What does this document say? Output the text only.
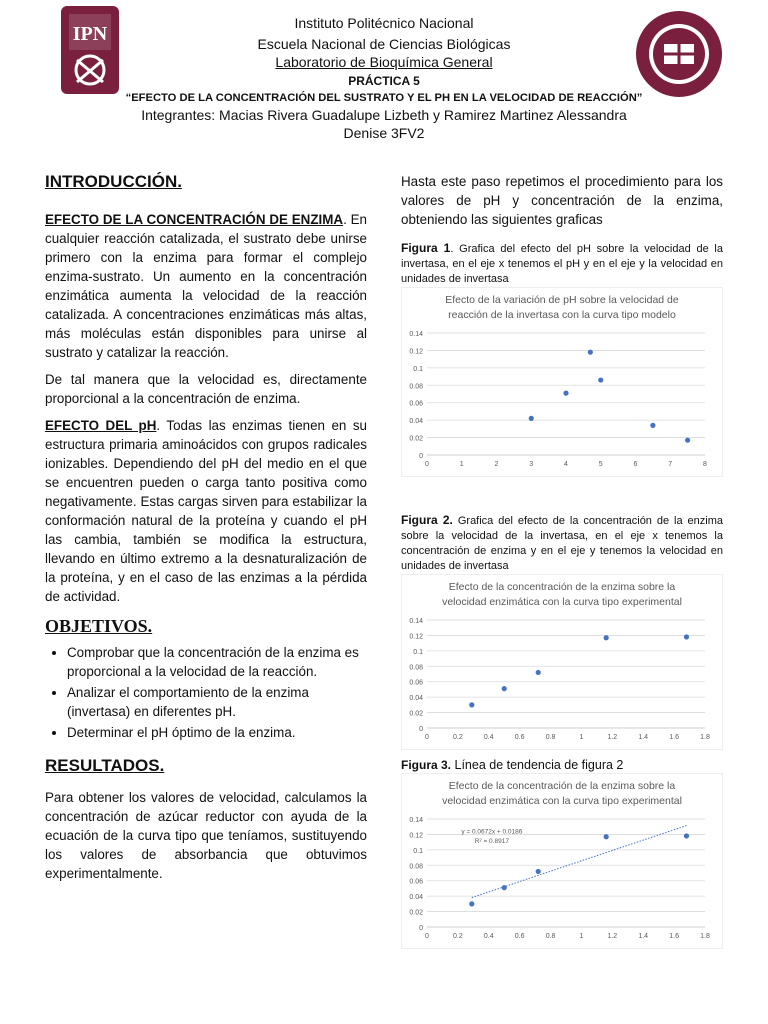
IPN	Instituto Politécnico Nacional
Escuela Nacional de Ciencias Biológicas
Laboratorio de Bioquímica General
PRÁCTICA 5
“EFECTO DE LA CONCENTRACIÓN DEL SUSTRATO Y EL PH EN LA VELOCIDAD DE REACCIÓN”
Integrantes: Macias Rivera Guadalupe Lizbeth y Ramirez Martinez Alessandra
Denise 3FV2
INTRODUCCIÓN.

EFECTO DE LA CONCENTRACIÓN DE ENZIMA. En cualquier reacción catalizada, el sustrato debe unirse primero con la enzima para formar el complejo enzima-sustrato. Un aumento en la concentración enzimática aumenta la velocidad de la reacción catalizada. A concentraciones enzimáticas más altas, más moléculas están disponibles para unirse al sustrato y catalizar la reacción.

De tal manera que la velocidad es, directamente proporcional a la concentración de enzima.

EFECTO DEL pH. Todas las enzimas tienen en su estructura primaria aminoácidos con grupos radicales ionizables. Dependiendo del pH del medio en el que se encuentren pueden o carga tanto positiva como negativamente. Estas cargas sirven para estabilizar la conformación natural de la proteína y cuando el pH las cambia, también se modifica la estructura, llevando en último extremo a la desnaturalización de la proteína, y en el caso de las enzimas a la pérdida de actividad.

OBJETIVOS.
• Comprobar que la concentración de la enzima es proporcional a la velocidad de la reacción.
• Analizar el comportamiento de la enzima (invertasa) en diferentes pH.
• Determinar el pH óptimo de la enzima.
RESULTADOS.

Para obtener los valores de velocidad, calculamos la concentración de azúcar reductor con ayuda de la ecuación de la curva tipo que teníamos, sustituyendo los valores de absorbancia que obtuvimos experimentalmente.

Hasta este paso repetimos el procedimiento para los valores de pH y concentración de la enzima, obteniendo las siguientes graficas

Figura 1. Grafica del efecto del pH sobre la velocidad de la invertasa, en el eje x tenemos el pH y en el eje y la velocidad en unidades de invertasa
Efecto de la variación de pH sobre la velocidad de
reacción de la invertasa con la curva tipo modelo
0
0.02
0.04
0.06
0.08
0.1
0.12
0.14
0	1	2	3	4	5	6	7	8
Figura 2. Grafica del efecto de la concentración de la enzima sobre la velocidad de la invertasa, en el eje x tenemos la concentración de enzima y en el eje y tenemos la velocidad en unidades de invertasa
Efecto de la concentración de la enzima sobre la
velocidad enzimática con la curva tipo experimental
0
0.02
0.04
0.06
0.08
0.1
0.12
0.14
0	0.2	0.4	0.6	0.8	1	1.2	1.4	1.6	1.8
Figura 3. Línea de tendencia de figura 2
Efecto de la concentración de la enzima sobre la
velocidad enzimática con la curva tipo experimental
0
0.02
0.04
0.06
0.08
0.1
0.12
0.14
0	0.2	0.4	0.6	0.8	1	1.2	1.4	1.6	1.8
y = 0.0672x + 0.0186
R² = 0.8917
